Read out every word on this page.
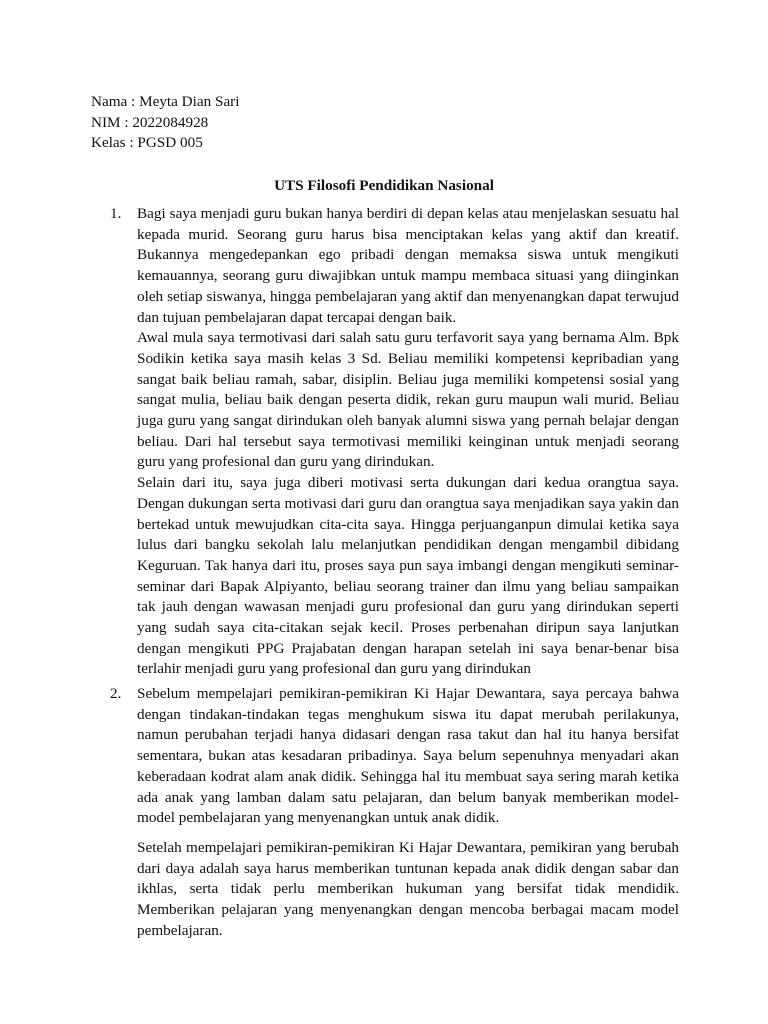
Nama : Meyta Dian Sari
NIM : 2022084928
Kelas : PGSD 005
UTS Filosofi Pendidikan Nasional
1.	Bagi saya menjadi guru bukan hanya berdiri di depan kelas atau menjelaskan sesuatu hal kepada murid. Seorang guru harus bisa menciptakan kelas yang aktif dan kreatif. Bukannya mengedepankan ego pribadi dengan memaksa siswa untuk mengikuti kemauannya, seorang guru diwajibkan untuk mampu membaca situasi yang diinginkan oleh setiap siswanya, hingga pembelajaran yang aktif dan menyenangkan dapat terwujud dan tujuan pembelajaran dapat tercapai dengan baik.

Awal mula saya termotivasi dari salah satu guru terfavorit saya yang bernama Alm. Bpk Sodikin ketika saya masih kelas 3 Sd. Beliau memiliki kompetensi kepribadian yang sangat baik beliau ramah, sabar, disiplin. Beliau juga memiliki kompetensi sosial yang sangat mulia, beliau baik dengan peserta didik, rekan guru maupun wali murid. Beliau juga guru yang sangat dirindukan oleh banyak alumni siswa yang pernah belajar dengan beliau. Dari hal tersebut saya termotivasi memiliki keinginan untuk menjadi seorang guru yang profesional dan guru yang dirindukan.

Selain dari itu, saya juga diberi motivasi serta dukungan dari kedua orangtua saya. Dengan dukungan serta motivasi dari guru dan orangtua saya menjadikan saya yakin dan bertekad untuk mewujudkan cita-cita saya. Hingga perjuanganpun dimulai ketika saya lulus dari bangku sekolah lalu melanjutkan pendidikan dengan mengambil dibidang Keguruan. Tak hanya dari itu, proses saya pun saya imbangi dengan mengikuti seminar-seminar dari Bapak Alpiyanto, beliau seorang trainer dan ilmu yang beliau sampaikan tak jauh dengan wawasan menjadi guru profesional dan guru yang dirindukan seperti yang sudah saya cita-citakan sejak kecil. Proses perbenahan diripun saya lanjutkan dengan mengikuti PPG Prajabatan dengan harapan setelah ini saya benar-benar bisa terlahir menjadi guru yang profesional dan guru yang dirindukan

2.	Sebelum mempelajari pemikiran-pemikiran Ki Hajar Dewantara, saya percaya bahwa dengan tindakan-tindakan tegas menghukum siswa itu dapat merubah perilakunya, namun perubahan terjadi hanya didasari dengan rasa takut dan hal itu hanya bersifat sementara, bukan atas kesadaran pribadinya. Saya belum sepenuhnya menyadari akan keberadaan kodrat alam anak didik. Sehingga hal itu membuat saya sering marah ketika ada anak yang lamban dalam satu pelajaran, dan belum banyak memberikan model-model pembelajaran yang menyenangkan untuk anak didik.

Setelah mempelajari pemikiran-pemikiran Ki Hajar Dewantara, pemikiran yang berubah dari daya adalah saya harus memberikan tuntunan kepada anak didik dengan sabar dan ikhlas, serta tidak perlu memberikan hukuman yang bersifat tidak mendidik. Memberikan pelajaran yang menyenangkan dengan mencoba berbagai macam model pembelajaran.
